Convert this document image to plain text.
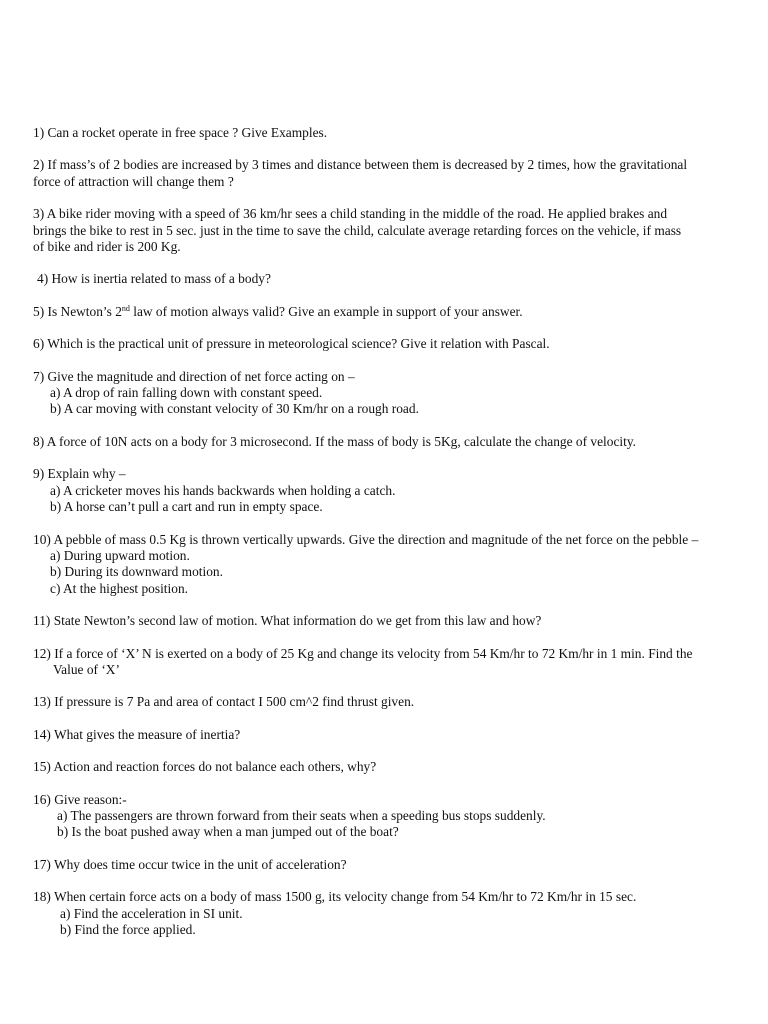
1) Can a rocket operate in free space ? Give Examples.
2) If mass’s of 2 bodies are increased by 3 times and distance between them is decreased by 2 times, how the gravitational
force of attraction will change them ?
3) A bike rider moving with a speed of 36 km/hr sees a child standing in the middle of the road. He applied brakes and
brings the bike to rest in 5 sec. just in the time to save the child, calculate average retarding forces on the vehicle, if mass
of bike and rider is 200 Kg.
4) How is inertia related to mass of a body?
5) Is Newton’s 2nd law of motion always valid? Give an example in support of your answer.
6) Which is the practical unit of pressure in meteorological science? Give it relation with Pascal.
7) Give the magnitude and direction of net force acting on –
a) A drop of rain falling down with constant speed.
b) A car moving with constant velocity of 30 Km/hr on a rough road.
8) A force of 10N acts on a body for 3 microsecond. If the mass of body is 5Kg, calculate the change of velocity.
9) Explain why –
a) A cricketer moves his hands backwards when holding a catch.
b) A horse can’t pull a cart and run in empty space.
10) A pebble of mass 0.5 Kg is thrown vertically upwards. Give the direction and magnitude of the net force on the pebble –
a) During upward motion.
b) During its downward motion.
c) At the highest position.
11) State Newton’s second law of motion. What information do we get from this law and how?
12) If a force of ‘X’ N is exerted on a body of 25 Kg and change its velocity from 54 Km/hr to 72 Km/hr in 1 min. Find the
Value of ‘X’
13) If pressure is 7 Pa and area of contact I 500 cm^2 find thrust given.
14) What gives the measure of inertia?
15) Action and reaction forces do not balance each others, why?
16) Give reason:-
a) The passengers are thrown forward from their seats when a speeding bus stops suddenly.
b) Is the boat pushed away when a man jumped out of the boat?
17) Why does time occur twice in the unit of acceleration?
18) When certain force acts on a body of mass 1500 g, its velocity change from 54 Km/hr to 72 Km/hr in 15 sec.
a) Find the acceleration in SI unit.
b) Find the force applied.
